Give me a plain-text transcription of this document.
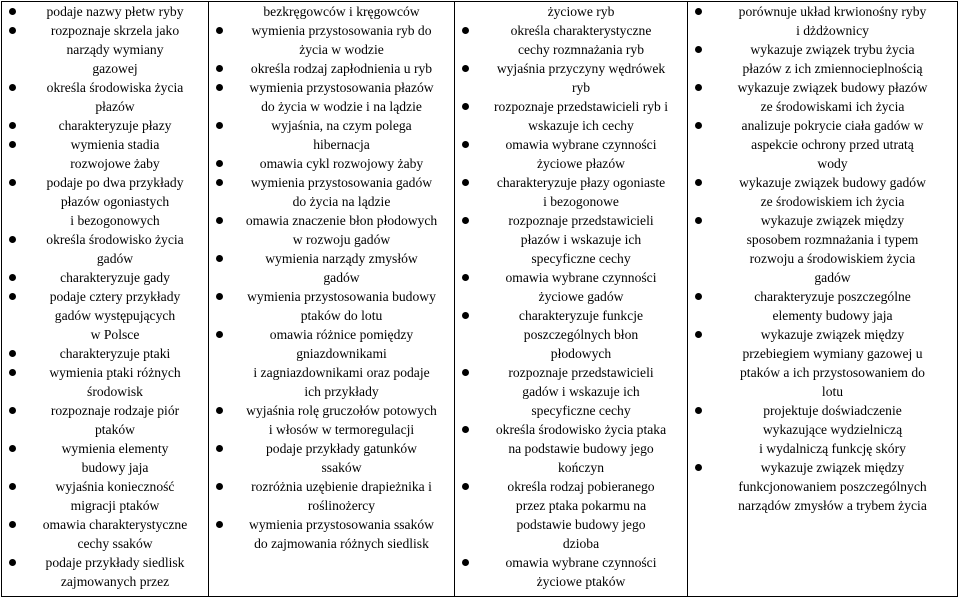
podaje nazwy płetw ryby
rozpoznaje skrzela jako
narządy wymiany
gazowej
określa środowiska życia
płazów
charakteryzuje płazy
wymienia stadia
rozwojowe żaby
podaje po dwa przykłady
płazów ogoniastych
i bezogonowych
określa środowisko życia
gadów
charakteryzuje gady
podaje cztery przykłady
gadów występujących
w Polsce
charakteryzuje ptaki
wymienia ptaki różnych
środowisk
rozpoznaje rodzaje piór
ptaków
wymienia elementy
budowy jaja
wyjaśnia konieczność
migracji ptaków
omawia charakterystyczne
cechy ssaków
podaje przykłady siedlisk
zajmowanych przez
bezkręgowców i kręgowców
wymienia przystosowania ryb do
życia w wodzie
określa rodzaj zapłodnienia u ryb
wymienia przystosowania płazów
do życia w wodzie i na lądzie
wyjaśnia, na czym polega
hibernacja
omawia cykl rozwojowy żaby
wymienia przystosowania gadów
do życia na lądzie
omawia znaczenie błon płodowych
w rozwoju gadów
wymienia narządy zmysłów
gadów
wymienia przystosowania budowy
ptaków do lotu
omawia różnice pomiędzy
gniazdownikami
i zagniazdownikami oraz podaje
ich przykłady
wyjaśnia rolę gruczołów potowych
i włosów w termoregulacji
podaje przykłady gatunków
ssaków
rozróżnia uzębienie drapieżnika i
roślinożercy
wymienia przystosowania ssaków
do zajmowania różnych siedlisk
życiowe ryb
określa charakterystyczne
cechy rozmnażania ryb
wyjaśnia przyczyny wędrówek
ryb
rozpoznaje przedstawicieli ryb i
wskazuje ich cechy
omawia wybrane czynności
życiowe płazów
charakteryzuje płazy ogoniaste
i bezogonowe
rozpoznaje przedstawicieli
płazów i wskazuje ich
specyficzne cechy
omawia wybrane czynności
życiowe gadów
charakteryzuje funkcje
poszczególnych błon
płodowych
rozpoznaje przedstawicieli
gadów i wskazuje ich
specyficzne cechy
określa środowisko życia ptaka
na podstawie budowy jego
kończyn
określa rodzaj pobieranego
przez ptaka pokarmu na
podstawie budowy jego
dzioba
omawia wybrane czynności
życiowe ptaków
porównuje układ krwionośny ryby
i dżdżownicy
wykazuje związek trybu życia
płazów z ich zmiennocieplnością
wykazuje związek budowy płazów
ze środowiskami ich życia
analizuje pokrycie ciała gadów w
aspekcie ochrony przed utratą
wody
wykazuje związek budowy gadów
ze środowiskiem ich życia
wykazuje związek między
sposobem rozmnażania i typem
rozwoju a środowiskiem życia
gadów
charakteryzuje poszczególne
elementy budowy jaja
wykazuje związek między
przebiegiem wymiany gazowej u
ptaków a ich przystosowaniem do
lotu
projektuje doświadczenie
wykazujące wydzielniczą
i wydalniczą funkcję skóry
wykazuje związek między
funkcjonowaniem poszczególnych
narządów zmysłów a trybem życia
